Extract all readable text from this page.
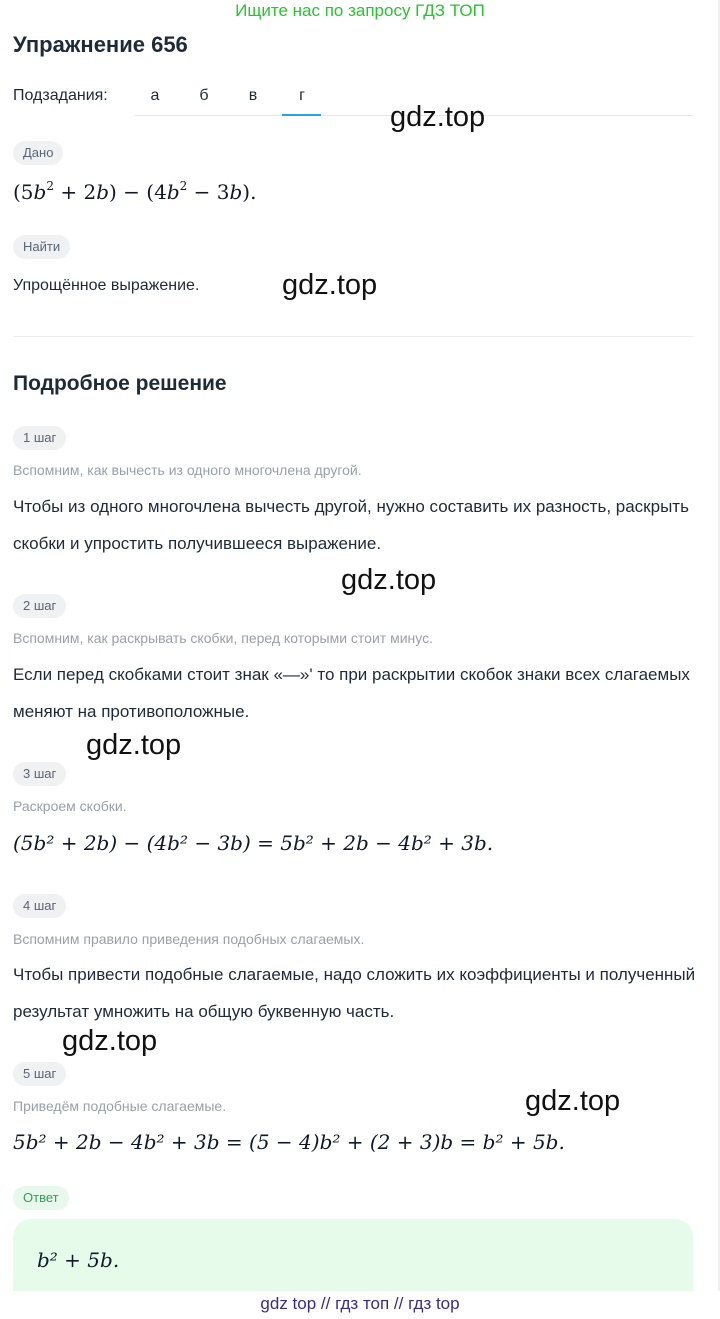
Ищите нас по запросу ГДЗ ТОП
Упражнение 656
Подзадания:	а	б	в	г
gdz.top
Дано
$(5b^2 + 2b) - (4b^2 - 3b)$.
Найти
Упрощённое выражение.	gdz.top
Подробное решение
1 шаг
Вспомним, как вычесть из одного многочлена другой.
Чтобы из одного многочлена вычесть другой, нужно составить их разность, раскрыть скобки и упростить получившееся выражение.
gdz.top
2 шаг
Вспомним, как раскрывать скобки, перед которыми стоит минус.
Если перед скобками стоит знак «—»' то при раскрытии скобок знаки всех слагаемых меняют на противоположные.
gdz.top
3 шаг
Раскроем скобки.
(5b² + 2b) − (4b² − 3b) = 5b² + 2b − 4b² + 3b.
4 шаг
Вспомним правило приведения подобных слагаемых.
Чтобы привести подобные слагаемые, надо сложить их коэффициенты и полученный результат умножить на общую буквенную часть.
gdz.top
5 шаг
gdz.top
Приведём подобные слагаемые.
5b² + 2b − 4b² + 3b = (5 − 4)b² + (2 + 3)b = b² + 5b.
Ответ
b² + 5b.
gdz top // гдз топ // гдз top
